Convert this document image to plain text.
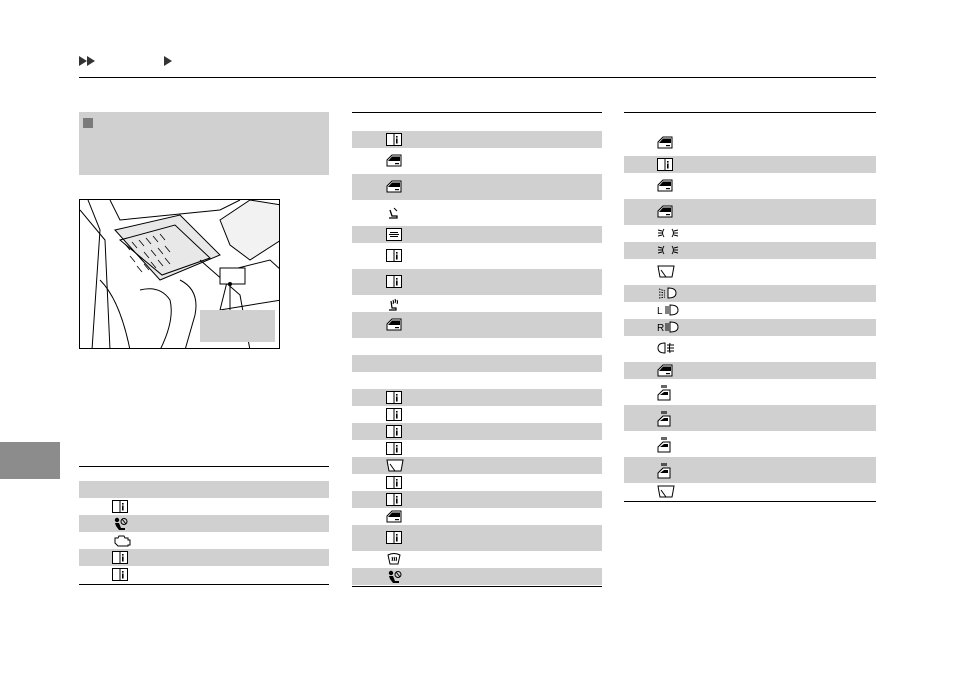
L
R
